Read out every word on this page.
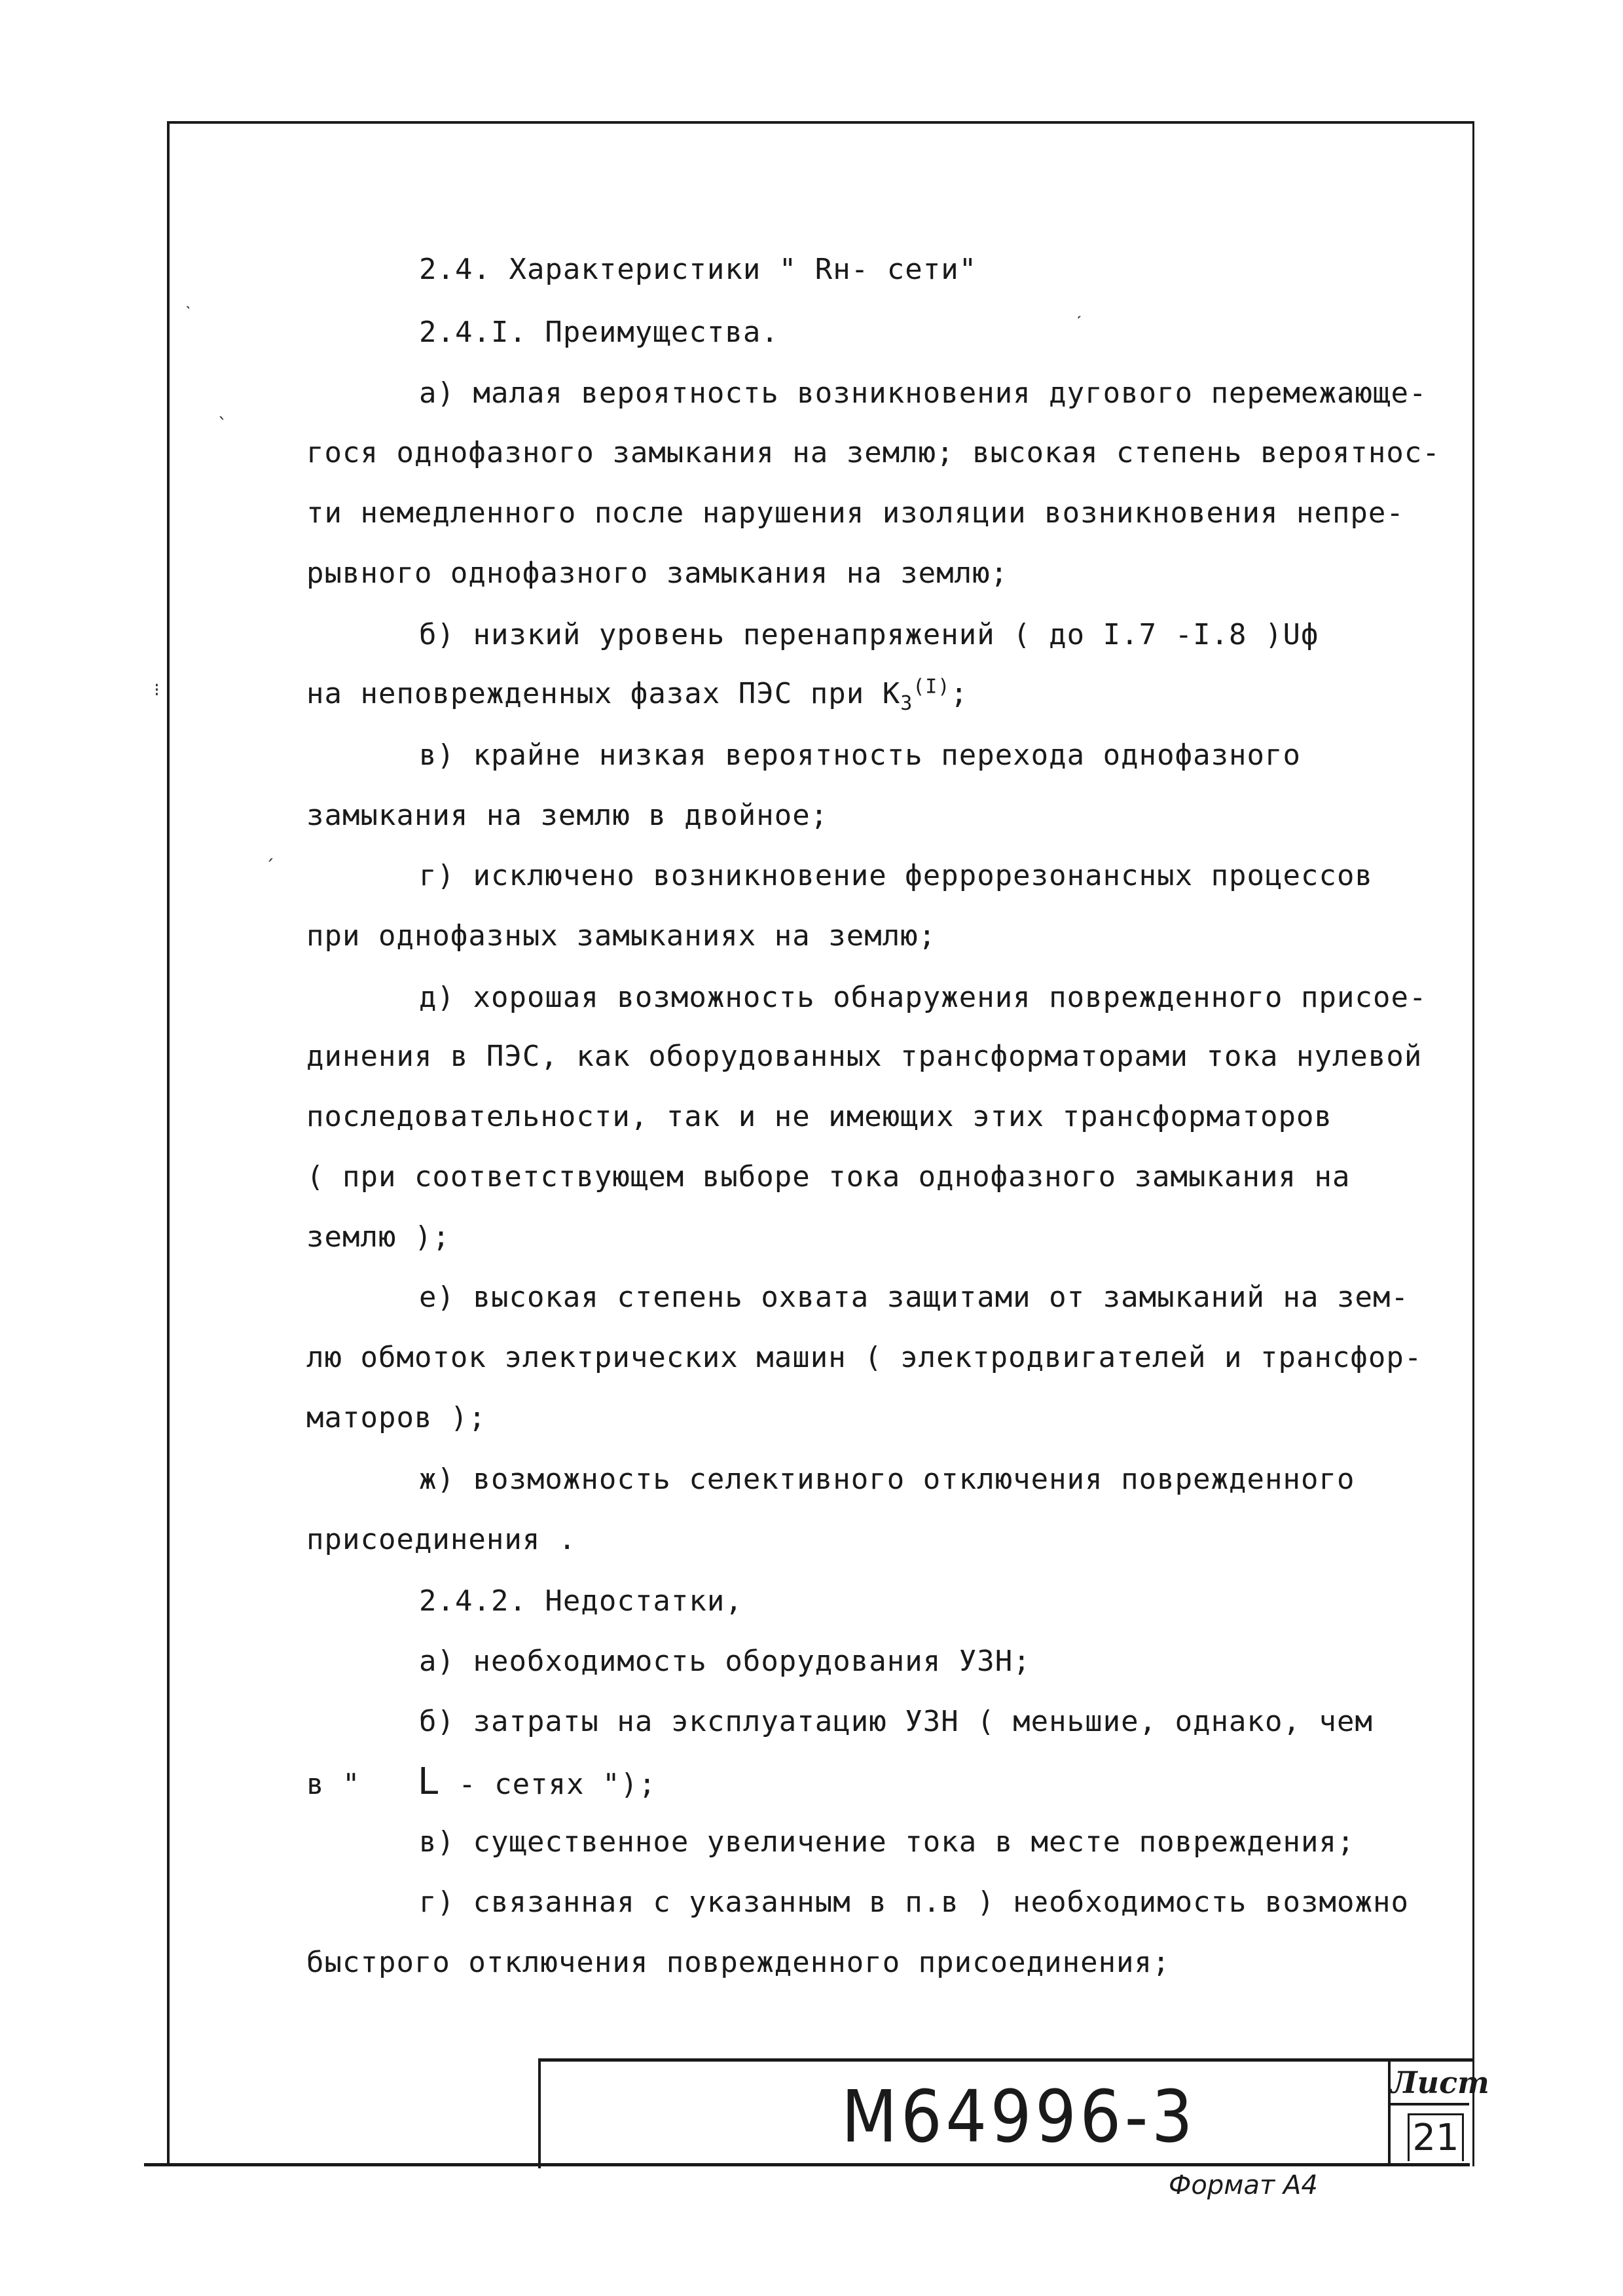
2.4. Характеристики " Rн- сети"
2.4.I. Преимущества.
а) малая вероятность возникновения дугового перемежающе-
гося однофазного замыкания на землю; высокая степень вероятнос-
ти немедленного после нарушения изоляции возникновения непре-
рывного однофазного замыкания на землю;
б) низкий уровень перенапряжений ( до I.7 -I.8 )Uф
на неповрежденных фазах ПЭС при $К_3^{(I)}$;
в) крайне низкая вероятность перехода однофазного
замыкания на землю в двойное;
г) исключено возникновение феррорезонансных процессов
при однофазных замыканиях на землю;
д) хорошая возможность обнаружения поврежденного присое-
динения в ПЭС, как оборудованных трансформаторами тока нулевой
последовательности, так и не имеющих этих трансформаторов
( при соответствующем выборе тока однофазного замыкания на
землю );
е) высокая степень охвата защитами от замыканий на зем-
лю обмоток электрических машин ( электродвигателей и трансфор-
маторов );
ж) возможность селективного отключения поврежденного
присоединения .
2.4.2. Недостатки,
а) необходимость оборудования УЗН;
б) затраты на эксплуатацию УЗН ( меньшие, однако, чем
в " L - сетях ");
в) существенное увеличение тока в месте повреждения;
г) связанная с указанным в п.в ) необходимость возможно
быстрого отключения поврежденного присоединения;
М64996-3	Лист
21
Формат А4
ˋ
ˎ
⁝
ˏ
ˊ
